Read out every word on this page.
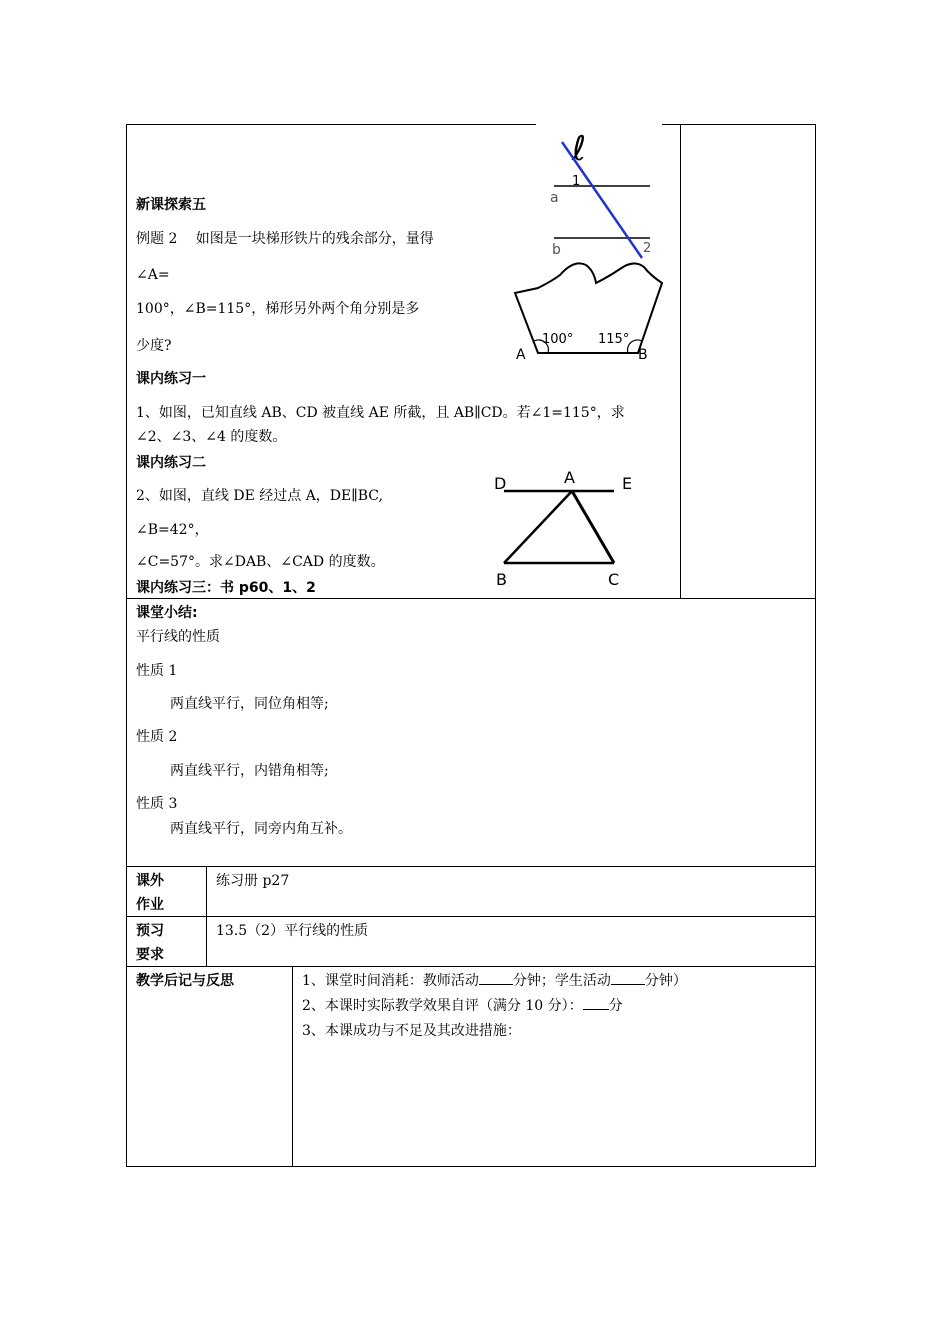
新课探索五
例题 2　 如图是一块梯形铁片的残余部分，量得
∠A=
100°，∠B=115°，梯形另外两个角分别是多
少度?
课内练习一
1、如图，已知直线 AB、CD 被直线 AE 所截，且 AB∥CD。若∠1=115°，求
∠2、∠3、∠4 的度数。
课内练习二
2、如图，直线 DE 经过点 A，DE∥BC,
∠B=42°，
∠C=57°。求∠DAB、∠CAD 的度数。
课内练习三：书 p60、1、2
ℓ
1
a
b	2
A	B
100° 115°
D	A	E
B	C
课堂小结:
平行线的性质
性质 1
两直线平行，同位角相等;
性质 2
两直线平行，内错角相等;
性质 3
两直线平行，同旁内角互补。
课外
作业
练习册 p27
预习
要求
13.5（2）平行线的性质
教学后记与反思	1、课堂时间消耗：教师活动 分钟；学生活动 分钟）
2、本课时实际教学效果自评（满分 10 分）： 分
3、本课成功与不足及其改进措施：
